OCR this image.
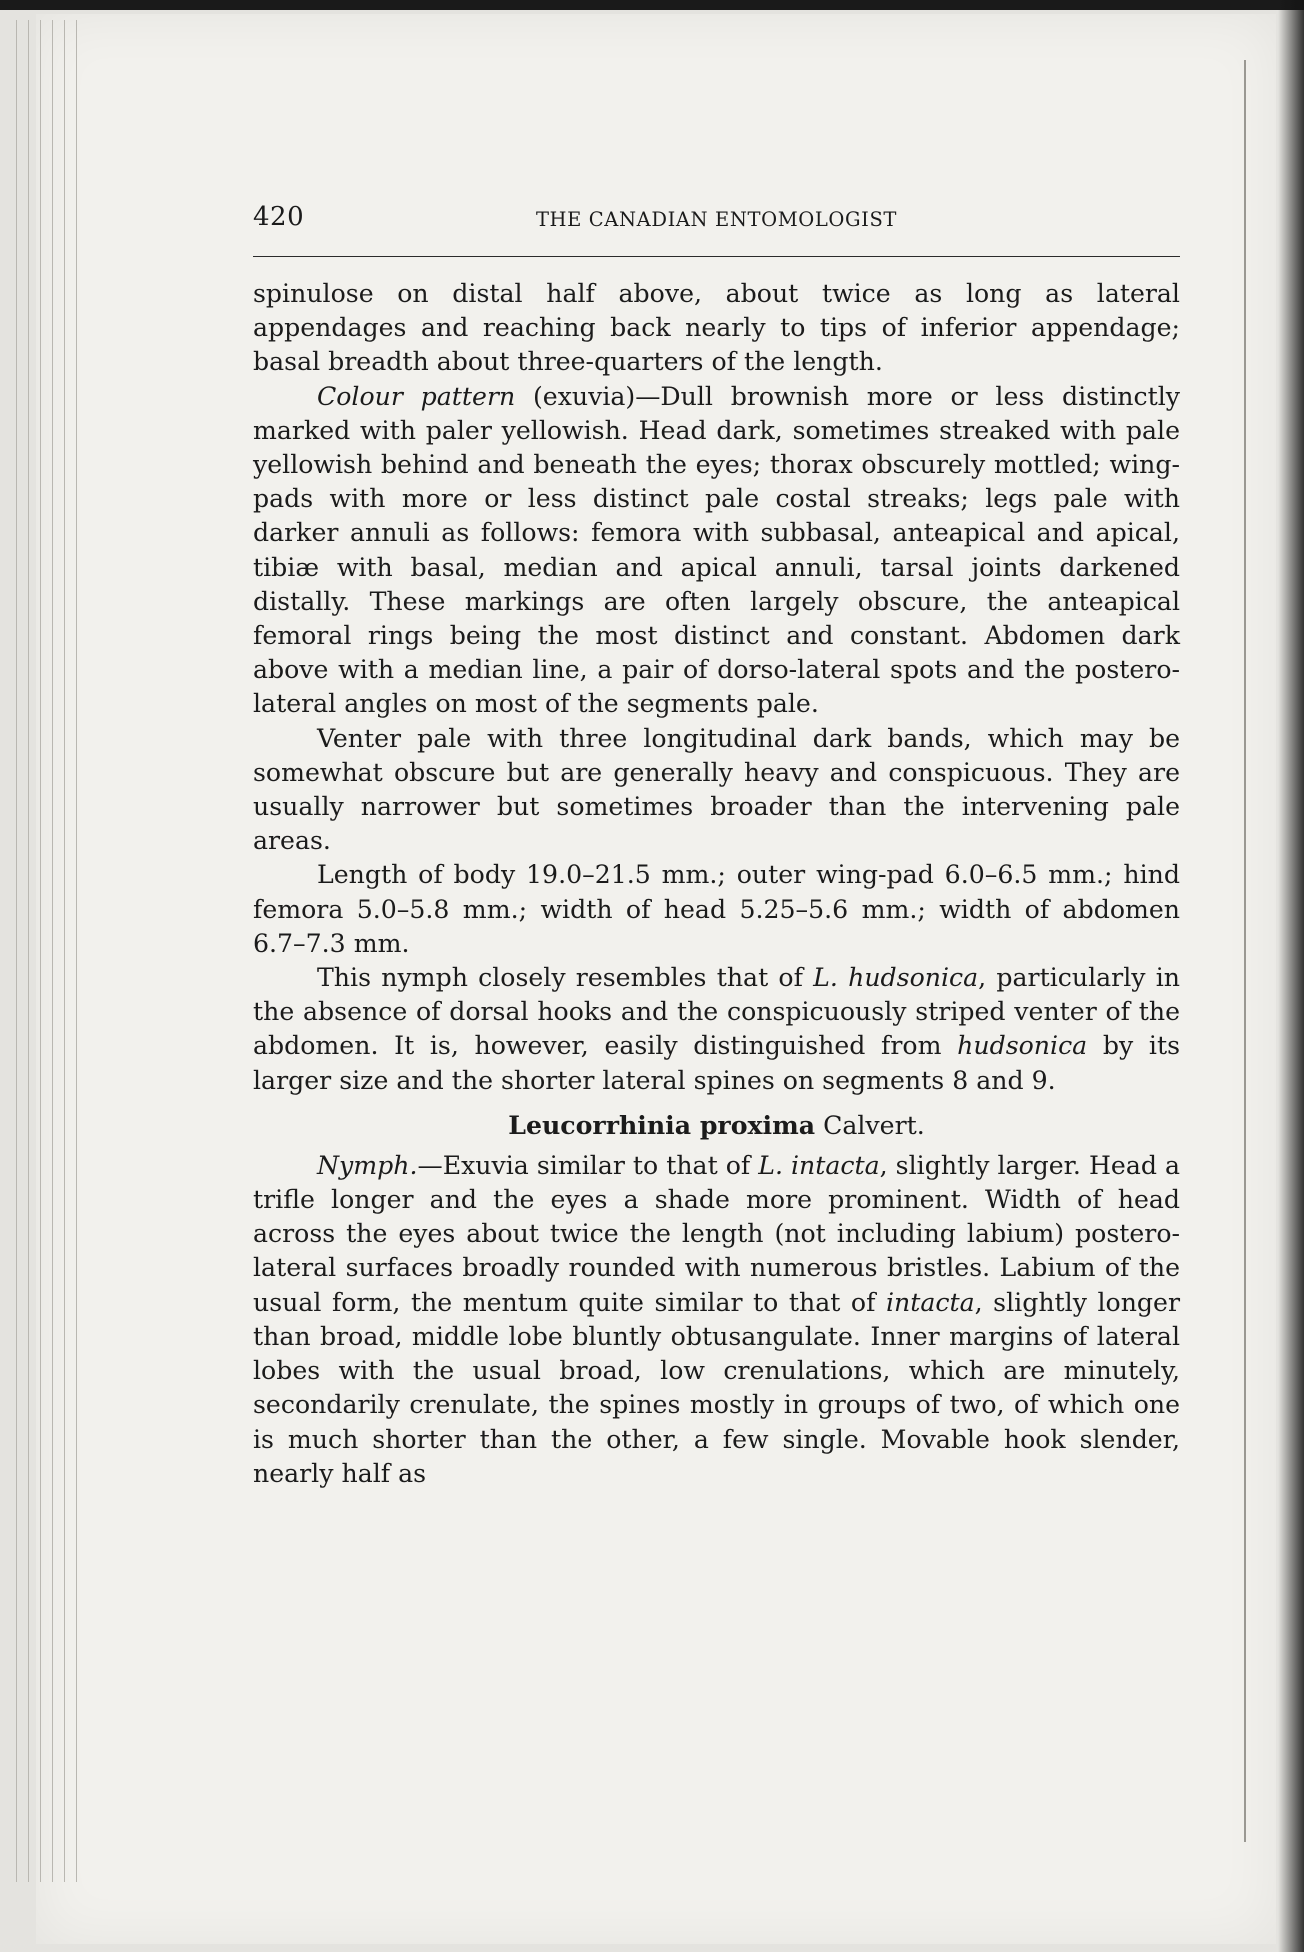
420	THE CANADIAN ENTOMOLOGIST

spinulose on distal half above, about twice as long as lateral appendages and reaching back nearly to tips of inferior appendage; basal breadth about three-quarters of the length.

Colour pattern (exuvia)—Dull brownish more or less distinctly marked with paler yellowish. Head dark, sometimes streaked with pale yellowish behind and beneath the eyes; thorax obscurely mottled; wing-pads with more or less distinct pale costal streaks; legs pale with darker annuli as follows: femora with subbasal, anteapical and apical, tibiæ with basal, median and apical annuli, tarsal joints darkened distally. These markings are often largely obscure, the anteapical femoral rings being the most distinct and constant. Abdomen dark above with a median line, a pair of dorso-lateral spots and the postero-lateral angles on most of the segments pale.

Venter pale with three longitudinal dark bands, which may be somewhat obscure but are generally heavy and conspicuous. They are usually narrower but sometimes broader than the intervening pale areas.

Length of body 19.0–21.5 mm.; outer wing-pad 6.0–6.5 mm.; hind femora 5.0–5.8 mm.; width of head 5.25–5.6 mm.; width of abdomen 6.7–7.3 mm.

This nymph closely resembles that of L. hudsonica, particularly in the absence of dorsal hooks and the conspicuously striped venter of the abdomen. It is, however, easily distinguished from hudsonica by its larger size and the shorter lateral spines on segments 8 and 9.

Leucorrhinia proxima Calvert.

Nymph.—Exuvia similar to that of L. intacta, slightly larger. Head a trifle longer and the eyes a shade more prominent. Width of head across the eyes about twice the length (not including labium) postero-lateral surfaces broadly rounded with numerous bristles. Labium of the usual form, the mentum quite similar to that of intacta, slightly longer than broad, middle lobe bluntly obtusangulate. Inner margins of lateral lobes with the usual broad, low crenulations, which are minutely, secondarily crenulate, the spines mostly in groups of two, of which one is much shorter than the other, a few single. Movable hook slender, nearly half as
